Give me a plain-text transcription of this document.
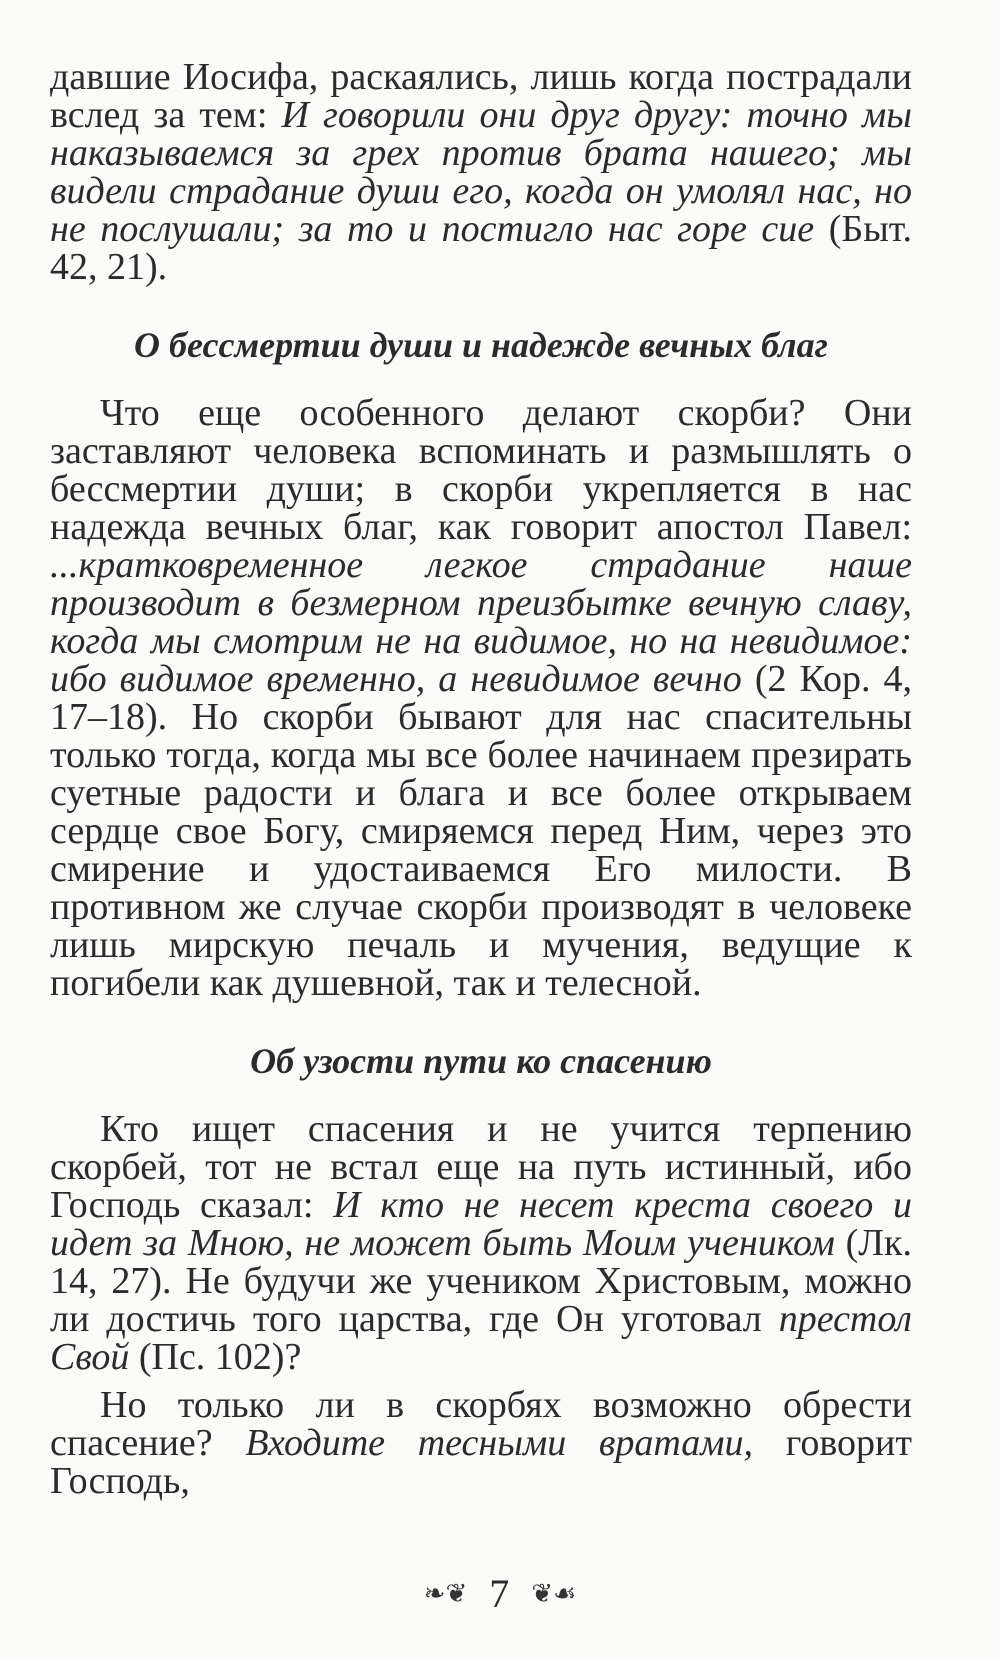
давшие Иосифа, раскаялись, лишь когда пострадали вслед за тем: И говорили они друг другу: точно мы наказываемся за грех против брата нашего; мы видели страдание души его, когда он умолял нас, но не послушали; за то и постигло нас горе сие (Быт. 42, 21).

О бессмертии души и надежде вечных благ

Что еще особенного делают скорби? Они заставляют человека вспоминать и размышлять о бессмертии души; в скорби укрепляется в нас надежда вечных благ, как говорит апостол Павел: ...кратковременное легкое страдание наше производит в безмерном преизбытке вечную славу, когда мы смотрим не на видимое, но на невидимое: ибо видимое временно, а невидимое вечно (2 Кор. 4, 17–18). Но скорби бывают для нас спасительны только тогда, когда мы все более начинаем презирать суетные радости и блага и все более открываем сердце свое Богу, смиряемся перед Ним, через это смирение и удостаиваемся Его милости. В противном же случае скорби производят в человеке лишь мирскую печаль и мучения, ведущие к погибели как душевной, так и телесной.

Об узости пути ко спасению

Кто ищет спасения и не учится терпению скорбей, тот не встал еще на путь истинный, ибо Господь сказал: И кто не несет креста своего и идет за Мною, не может быть Моим учеником (Лк. 14, 27). Не будучи же учеником Христовым, можно ли достичь того царства, где Он уготовал престол Свой (Пс. 102)?

Но только ли в скорбях возможно обрести спасение? Входите тесными вратами, говорит Господь,

❧❦ 7 ❦☙
